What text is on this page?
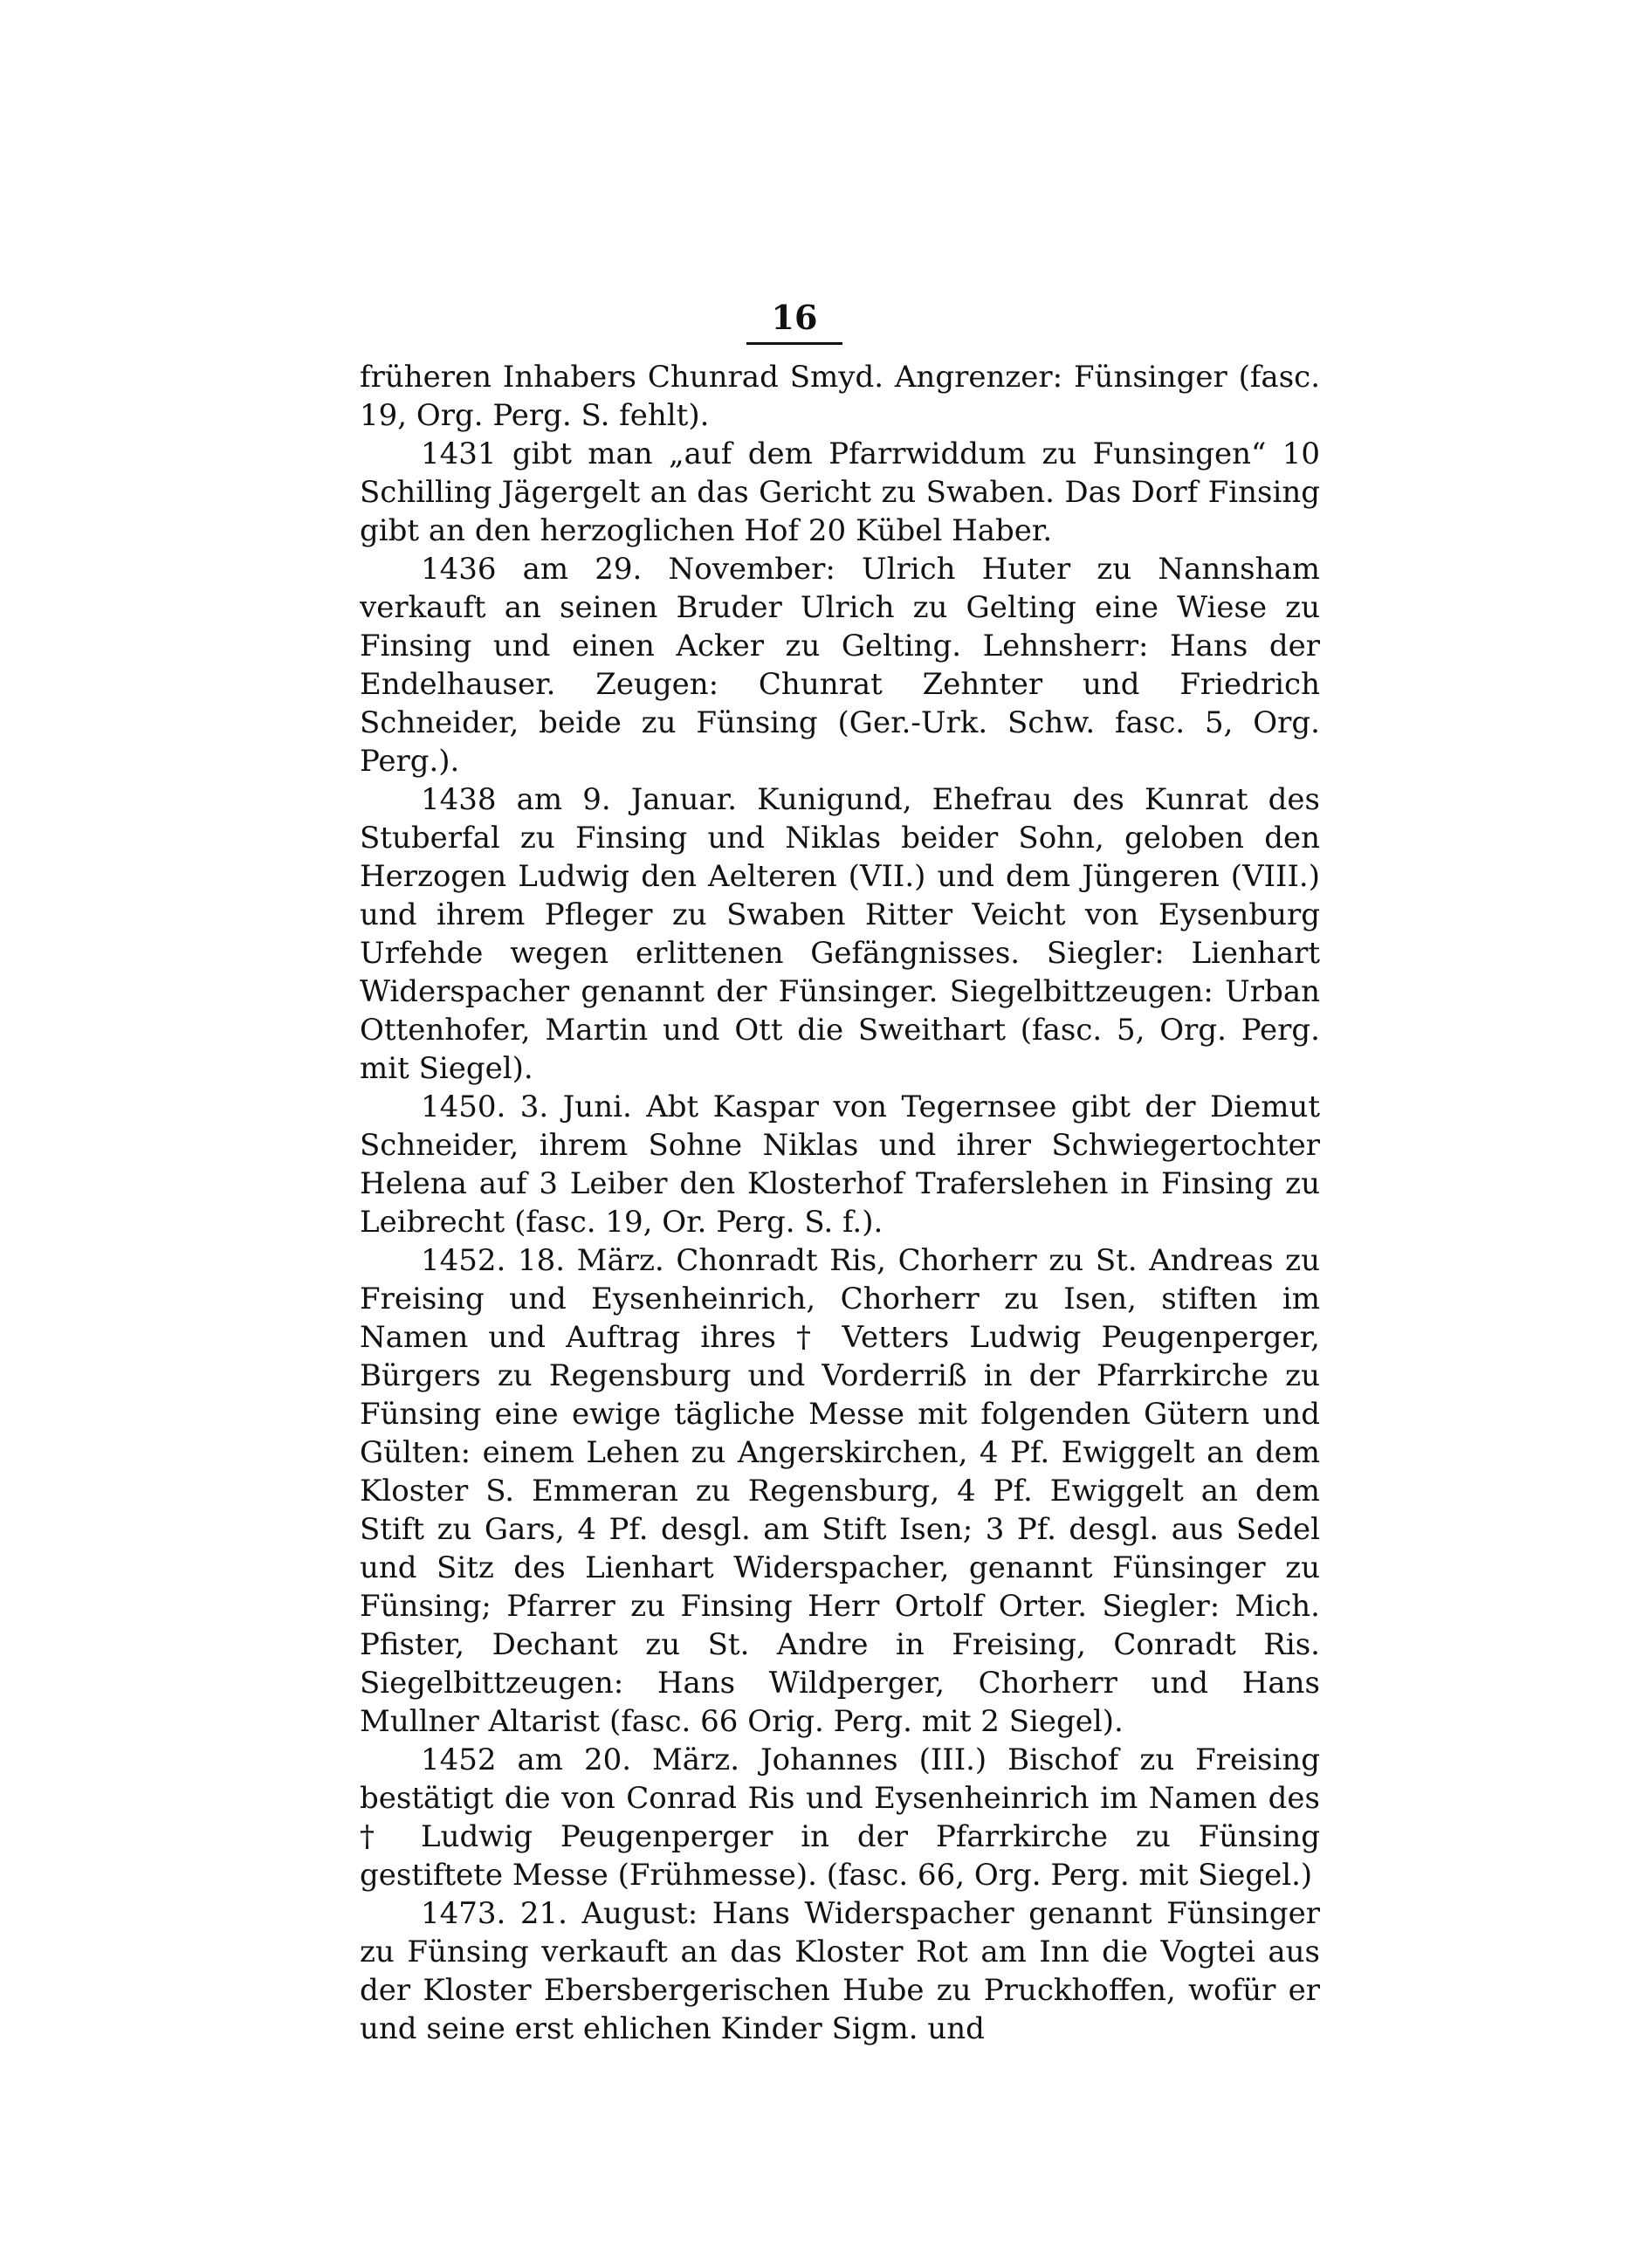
16

früheren Inhabers Chunrad Smyd. Angrenzer: Fünsinger (fasc. 19, Org. Perg. S. fehlt).

1431 gibt man „auf dem Pfarrwiddum zu Funsingen“ 10 Schilling Jägergelt an das Gericht zu Swaben. Das Dorf Finsing gibt an den herzoglichen Hof 20 Kübel Haber.

1436 am 29. November: Ulrich Huter zu Nannsham verkauft an seinen Bruder Ulrich zu Gelting eine Wiese zu Finsing und einen Acker zu Gelting. Lehnsherr: Hans der Endelhauser. Zeugen: Chunrat Zehnter und Friedrich Schneider, beide zu Fünsing (Ger.-Urk. Schw. fasc. 5, Org. Perg.).

1438 am 9. Januar. Kunigund, Ehefrau des Kunrat des Stuberfal zu Finsing und Niklas beider Sohn, geloben den Herzogen Ludwig den Aelteren (VII.) und dem Jüngeren (VIII.) und ihrem Pfleger zu Swaben Ritter Veicht von Eysenburg Urfehde wegen erlittenen Gefängnisses. Siegler: Lienhart Widerspacher genannt der Fünsinger. Siegelbittzeugen: Urban Ottenhofer, Martin und Ott die Sweithart (fasc. 5, Org. Perg. mit Siegel).

1450. 3. Juni. Abt Kaspar von Tegernsee gibt der Diemut Schneider, ihrem Sohne Niklas und ihrer Schwiegertochter Helena auf 3 Leiber den Klosterhof Traferslehen in Finsing zu Leibrecht (fasc. 19, Or. Perg. S. f.).

1452. 18. März. Chonradt Ris, Chorherr zu St. Andreas zu Freising und Eysenheinrich, Chorherr zu Isen, stiften im Namen und Auftrag ihres † Vetters Ludwig Peugenperger, Bürgers zu Regensburg und Vorderriß in der Pfarrkirche zu Fünsing eine ewige tägliche Messe mit folgenden Gütern und Gülten: einem Lehen zu Angerskirchen, 4 Pf. Ewiggelt an dem Kloster S. Emmeran zu Regensburg, 4 Pf. Ewiggelt an dem Stift zu Gars, 4 Pf. desgl. am Stift Isen; 3 Pf. desgl. aus Sedel und Sitz des Lienhart Widerspacher, genannt Fünsinger zu Fünsing; Pfarrer zu Finsing Herr Ortolf Orter. Siegler: Mich. Pfister, Dechant zu St. Andre in Freising, Conradt Ris. Siegelbittzeugen: Hans Wildperger, Chorherr und Hans Mullner Altarist (fasc. 66 Orig. Perg. mit 2 Siegel).

1452 am 20. März. Johannes (III.) Bischof zu Freising bestätigt die von Conrad Ris und Eysenheinrich im Namen des † Ludwig Peugenperger in der Pfarrkirche zu Fünsing gestiftete Messe (Frühmesse). (fasc. 66, Org. Perg. mit Siegel.)

1473. 21. August: Hans Widerspacher genannt Fünsinger zu Fünsing verkauft an das Kloster Rot am Inn die Vogtei aus der Kloster Ebersbergerischen Hube zu Pruckhoffen, wofür er und seine erst ehlichen Kinder Sigm. und
